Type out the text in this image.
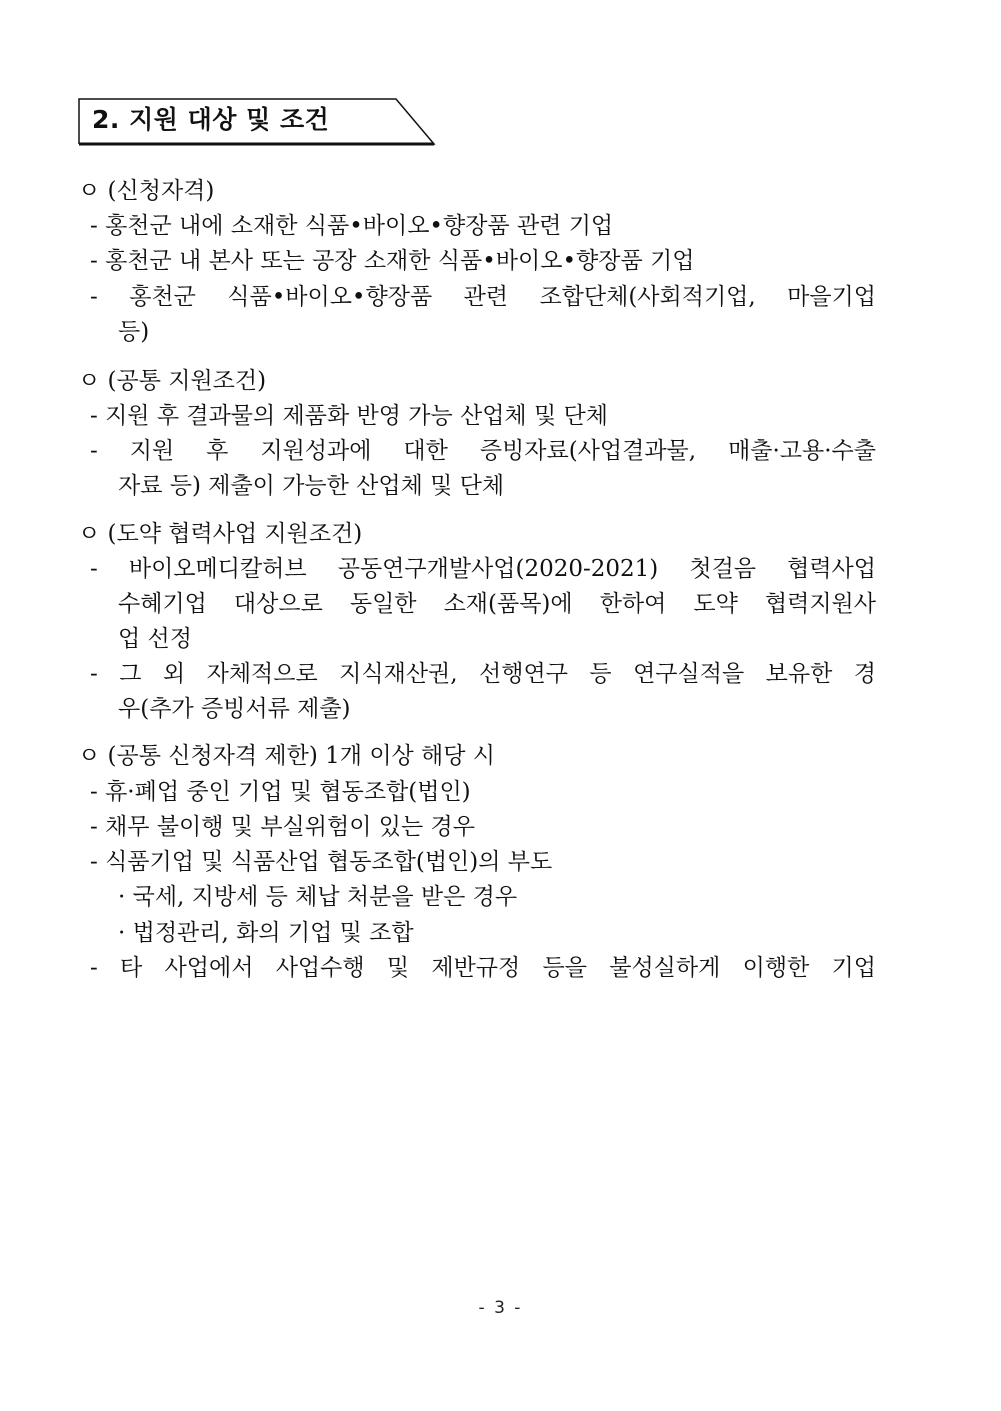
2. 지원 대상 및 조건
ㅇ (신청자격)
- 홍천군 내에 소재한 식품•바이오•향장품 관련 기업
- 홍천군 내 본사 또는 공장 소재한 식품•바이오•향장품 기업
- 홍천군 식품•바이오•향장품 관련 조합단체(사회적기업, 마을기업
등)
ㅇ (공통 지원조건)
- 지원 후 결과물의 제품화 반영 가능 산업체 및 단체
- 지원 후 지원성과에 대한 증빙자료(사업결과물, 매출·고용·수출
자료 등) 제출이 가능한 산업체 및 단체
ㅇ (도약 협력사업 지원조건)
- 바이오메디칼허브 공동연구개발사업(2020-2021) 첫걸음 협력사업
수혜기업 대상으로 동일한 소재(품목)에 한하여 도약 협력지원사
업 선정
- 그 외 자체적으로 지식재산권, 선행연구 등 연구실적을 보유한 경
우(추가 증빙서류 제출)
ㅇ (공통 신청자격 제한) 1개 이상 해당 시
- 휴·폐업 중인 기업 및 협동조합(법인)
- 채무 불이행 및 부실위험이 있는 경우
- 식품기업 및 식품산업 협동조합(법인)의 부도
· 국세, 지방세 등 체납 처분을 받은 경우
· 법정관리, 화의 기업 및 조합
- 타 사업에서 사업수행 및 제반규정 등을 불성실하게 이행한 기업
- 3 -
